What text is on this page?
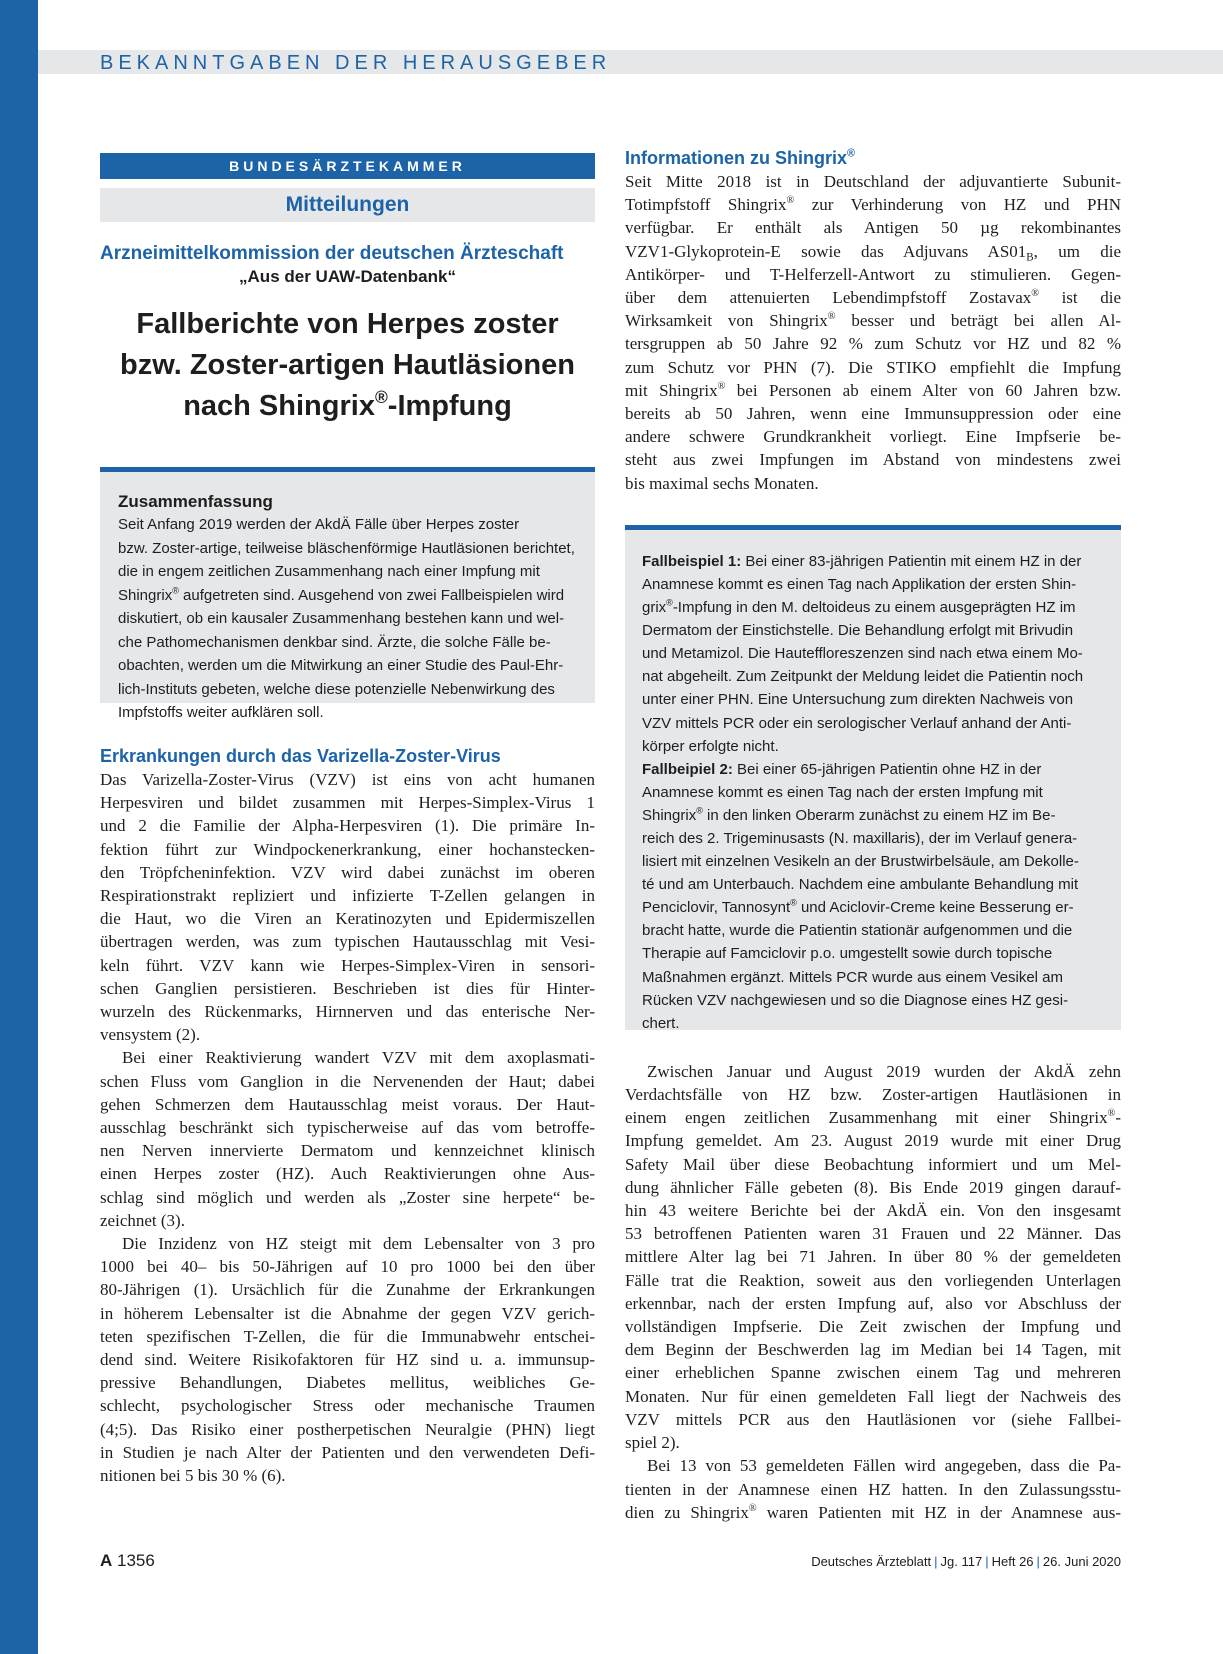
BEKANNTGABEN DER HERAUSGEBER
BUNDESÄRZTEKAMMER
Mitteilungen
Arzneimittelkommission der deutschen Ärzteschaft
„Aus der UAW-Datenbank“
Fallberichte von Herpes zoster
bzw. Zoster-artigen Hautläsionen
nach Shingrix®-Impfung
Zusammenfassung
Seit Anfang 2019 werden der AkdÄ Fälle über Herpes zoster
bzw. Zoster-artige, teilweise bläschenförmige Hautläsionen berichtet,
die in engem zeitlichen Zusammenhang nach einer Impfung mit
Shingrix® aufgetreten sind. Ausgehend von zwei Fallbeispielen wird
diskutiert, ob ein kausaler Zusammenhang bestehen kann und wel-
che Pathomechanismen denkbar sind. Ärzte, die solche Fälle be-
obachten, werden um die Mitwirkung an einer Studie des Paul-Ehr-
lich-Instituts gebeten, welche diese potenzielle Nebenwirkung des
Impfstoffs weiter aufklären soll.
Erkrankungen durch das Varizella-Zoster-Virus
Das Varizella-Zoster-Virus (VZV) ist eins von acht humanen
Herpesviren und bildet zusammen mit Herpes-Simplex-Virus 1
und 2 die Familie der Alpha-Herpesviren (1). Die primäre In-
fektion führt zur Windpockenerkrankung, einer hochanstecken-
den Tröpfcheninfektion. VZV wird dabei zunächst im oberen
Respirationstrakt repliziert und infizierte T-Zellen gelangen in
die Haut, wo die Viren an Keratinozyten und Epidermiszellen
übertragen werden, was zum typischen Hautausschlag mit Vesi-
keln führt. VZV kann wie Herpes-Simplex-Viren in sensori-
schen Ganglien persistieren. Beschrieben ist dies für Hinter-
wurzeln des Rückenmarks, Hirnnerven und das enterische Ner-
vensystem (2).
Bei einer Reaktivierung wandert VZV mit dem axoplasmati-
schen Fluss vom Ganglion in die Nervenenden der Haut; dabei
gehen Schmerzen dem Hautausschlag meist voraus. Der Haut-
ausschlag beschränkt sich typischerweise auf das vom betroffe-
nen Nerven innervierte Dermatom und kennzeichnet klinisch
einen Herpes zoster (HZ). Auch Reaktivierungen ohne Aus-
schlag sind möglich und werden als „Zoster sine herpete“ be-
zeichnet (3).
Die Inzidenz von HZ steigt mit dem Lebensalter von 3 pro
1000 bei 40– bis 50-Jährigen auf 10 pro 1000 bei den über
80-Jährigen (1). Ursächlich für die Zunahme der Erkrankungen
in höherem Lebensalter ist die Abnahme der gegen VZV gerich-
teten spezifischen T-Zellen, die für die Immunabwehr entschei-
dend sind. Weitere Risikofaktoren für HZ sind u. a. immunsup-
pressive Behandlungen, Diabetes mellitus, weibliches Ge-
schlecht, psychologischer Stress oder mechanische Traumen
(4;5). Das Risiko einer postherpetischen Neuralgie (PHN) liegt
in Studien je nach Alter der Patienten und den verwendeten Defi-
nitionen bei 5 bis 30 % (6).
Informationen zu Shingrix®
Seit Mitte 2018 ist in Deutschland der adjuvantierte Subunit-
Totimpfstoff Shingrix® zur Verhinderung von HZ und PHN
verfügbar. Er enthält als Antigen 50 µg rekombinantes
VZV1-Glykoprotein-E sowie das Adjuvans $AS01_B$, um die
Antikörper- und T-Helferzell-Antwort zu stimulieren. Gegen-
über dem attenuierten Lebendimpfstoff Zostavax® ist die
Wirksamkeit von Shingrix® besser und beträgt bei allen Al-
tersgruppen ab 50 Jahre 92 % zum Schutz vor HZ und 82 %
zum Schutz vor PHN (7). Die STIKO empfiehlt die Impfung
mit Shingrix® bei Personen ab einem Alter von 60 Jahren bzw.
bereits ab 50 Jahren, wenn eine Immunsuppression oder eine
andere schwere Grundkrankheit vorliegt. Eine Impfserie be-
steht aus zwei Impfungen im Abstand von mindestens zwei
bis maximal sechs Monaten.
Fallbeispiel 1: Bei einer 83-jährigen Patientin mit einem HZ in der
Anamnese kommt es einen Tag nach Applikation der ersten Shin-
grix®-Impfung in den M. deltoideus zu einem ausgeprägten HZ im
Dermatom der Einstichstelle. Die Behandlung erfolgt mit Brivudin
und Metamizol. Die Hauteffloreszenzen sind nach etwa einem Mo-
nat abgeheilt. Zum Zeitpunkt der Meldung leidet die Patientin noch
unter einer PHN. Eine Untersuchung zum direkten Nachweis von
VZV mittels PCR oder ein serologischer Verlauf anhand der Anti-
körper erfolgte nicht.
Fallbeipiel 2: Bei einer 65-jährigen Patientin ohne HZ in der
Anamnese kommt es einen Tag nach der ersten Impfung mit
Shingrix® in den linken Oberarm zunächst zu einem HZ im Be-
reich des 2. Trigeminusasts (N. maxillaris), der im Verlauf genera-
lisiert mit einzelnen Vesikeln an der Brustwirbelsäule, am Dekolle-
té und am Unterbauch. Nachdem eine ambulante Behandlung mit
Penciclovir, Tannosynt® und Aciclovir-Creme keine Besserung er-
bracht hatte, wurde die Patientin stationär aufgenommen und die
Therapie auf Famciclovir p.o. umgestellt sowie durch topische
Maßnahmen ergänzt. Mittels PCR wurde aus einem Vesikel am
Rücken VZV nachgewiesen und so die Diagnose eines HZ gesi-
chert.
Zwischen Januar und August 2019 wurden der AkdÄ zehn
Verdachtsfälle von HZ bzw. Zoster-artigen Hautläsionen in
einem engen zeitlichen Zusammenhang mit einer Shingrix®-
Impfung gemeldet. Am 23. August 2019 wurde mit einer Drug
Safety Mail über diese Beobachtung informiert und um Mel-
dung ähnlicher Fälle gebeten (8). Bis Ende 2019 gingen darauf-
hin 43 weitere Berichte bei der AkdÄ ein. Von den insgesamt
53 betroffenen Patienten waren 31 Frauen und 22 Männer. Das
mittlere Alter lag bei 71 Jahren. In über 80 % der gemeldeten
Fälle trat die Reaktion, soweit aus den vorliegenden Unterlagen
erkennbar, nach der ersten Impfung auf, also vor Abschluss der
vollständigen Impfserie. Die Zeit zwischen der Impfung und
dem Beginn der Beschwerden lag im Median bei 14 Tagen, mit
einer erheblichen Spanne zwischen einem Tag und mehreren
Monaten. Nur für einen gemeldeten Fall liegt der Nachweis des
VZV mittels PCR aus den Hautläsionen vor (siehe Fallbei-
spiel 2).
Bei 13 von 53 gemeldeten Fällen wird angegeben, dass die Pa-
tienten in der Anamnese einen HZ hatten. In den Zulassungsstu-
dien zu Shingrix® waren Patienten mit HZ in der Anamnese aus-
A 1356	Deutsches Ärzteblatt | Jg. 117 | Heft 26 | 26. Juni 2020
